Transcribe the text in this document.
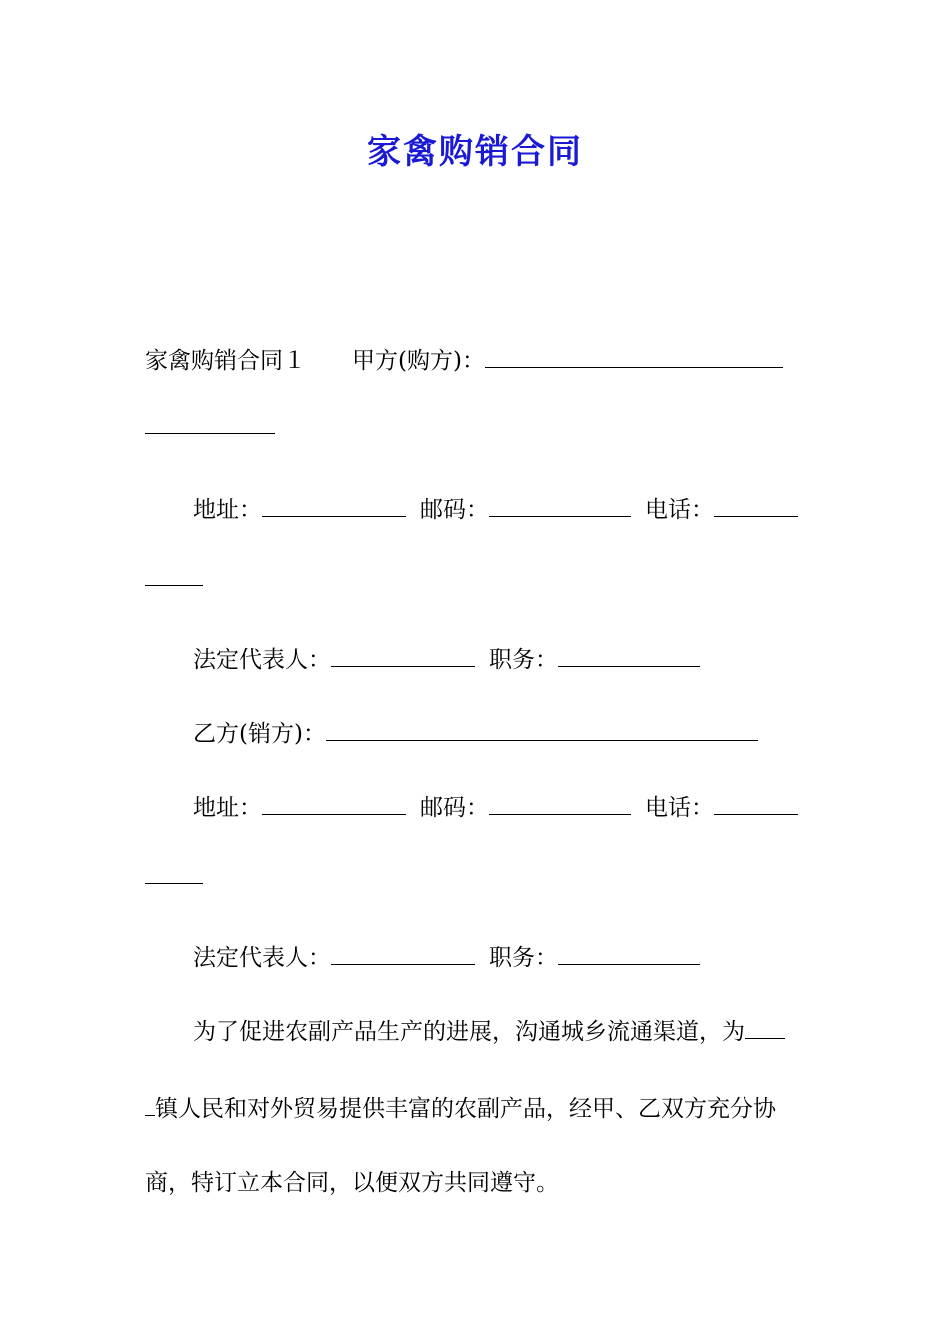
家禽购销合同
家禽购销合同１ 甲方(购方)：
地址：	邮码：	电话：
法定代表人：	职务：
乙方(销方)：
地址：	邮码：	电话：
法定代表人：	职务：
为了促进农副产品生产的进展，沟通城乡流通渠道，为
镇人民和对外贸易提供丰富的农副产品，经甲、乙双方充分协
商，特订立本合同，以便双方共同遵守。
